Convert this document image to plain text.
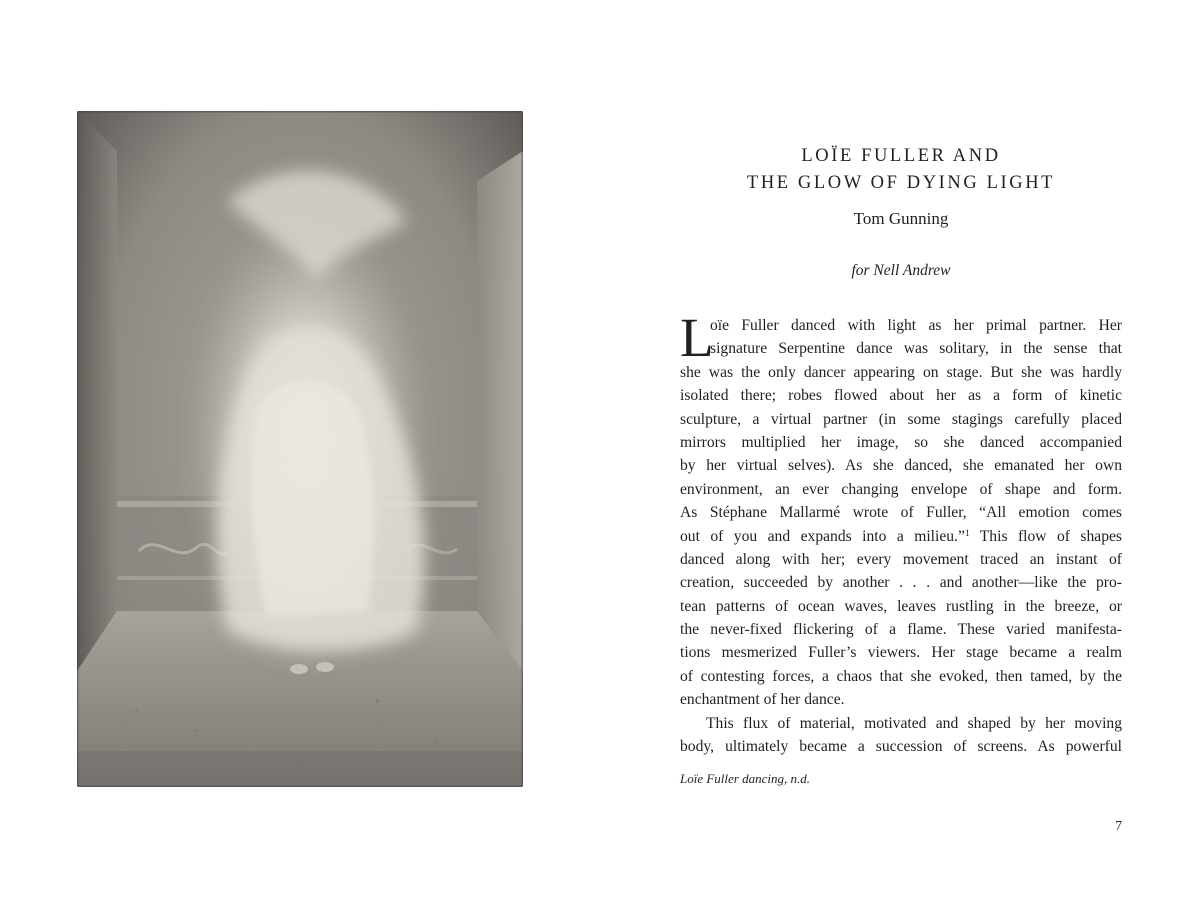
LOÏE FULLER AND
THE GLOW OF DYING LIGHT
Tom Gunning
for Nell Andrew
L
oïe Fuller danced with light as her primal partner. Her
signature Serpentine dance was solitary, in the sense that
she was the only dancer appearing on stage. But she was hardly
isolated there; robes flowed about her as a form of kinetic
sculpture, a virtual partner (in some stagings carefully placed
mirrors multiplied her image, so she danced accompanied
by her virtual selves). As she danced, she emanated her own
environment, an ever changing envelope of shape and form.
As Stéphane Mallarmé wrote of Fuller, “All emotion comes
out of you and expands into a milieu.”$^1$ This flow of shapes
danced along with her; every movement traced an instant of
creation, succeeded by another . . . and another—like the pro-
tean patterns of ocean waves, leaves rustling in the breeze, or
the never-fixed flickering of a flame. These varied manifesta-
tions mesmerized Fuller’s viewers. Her stage became a realm
of contesting forces, a chaos that she evoked, then tamed, by the
enchantment of her dance.
This flux of material, motivated and shaped by her moving
body, ultimately became a succession of screens. As powerful
Loïe Fuller dancing, n.d.
7
